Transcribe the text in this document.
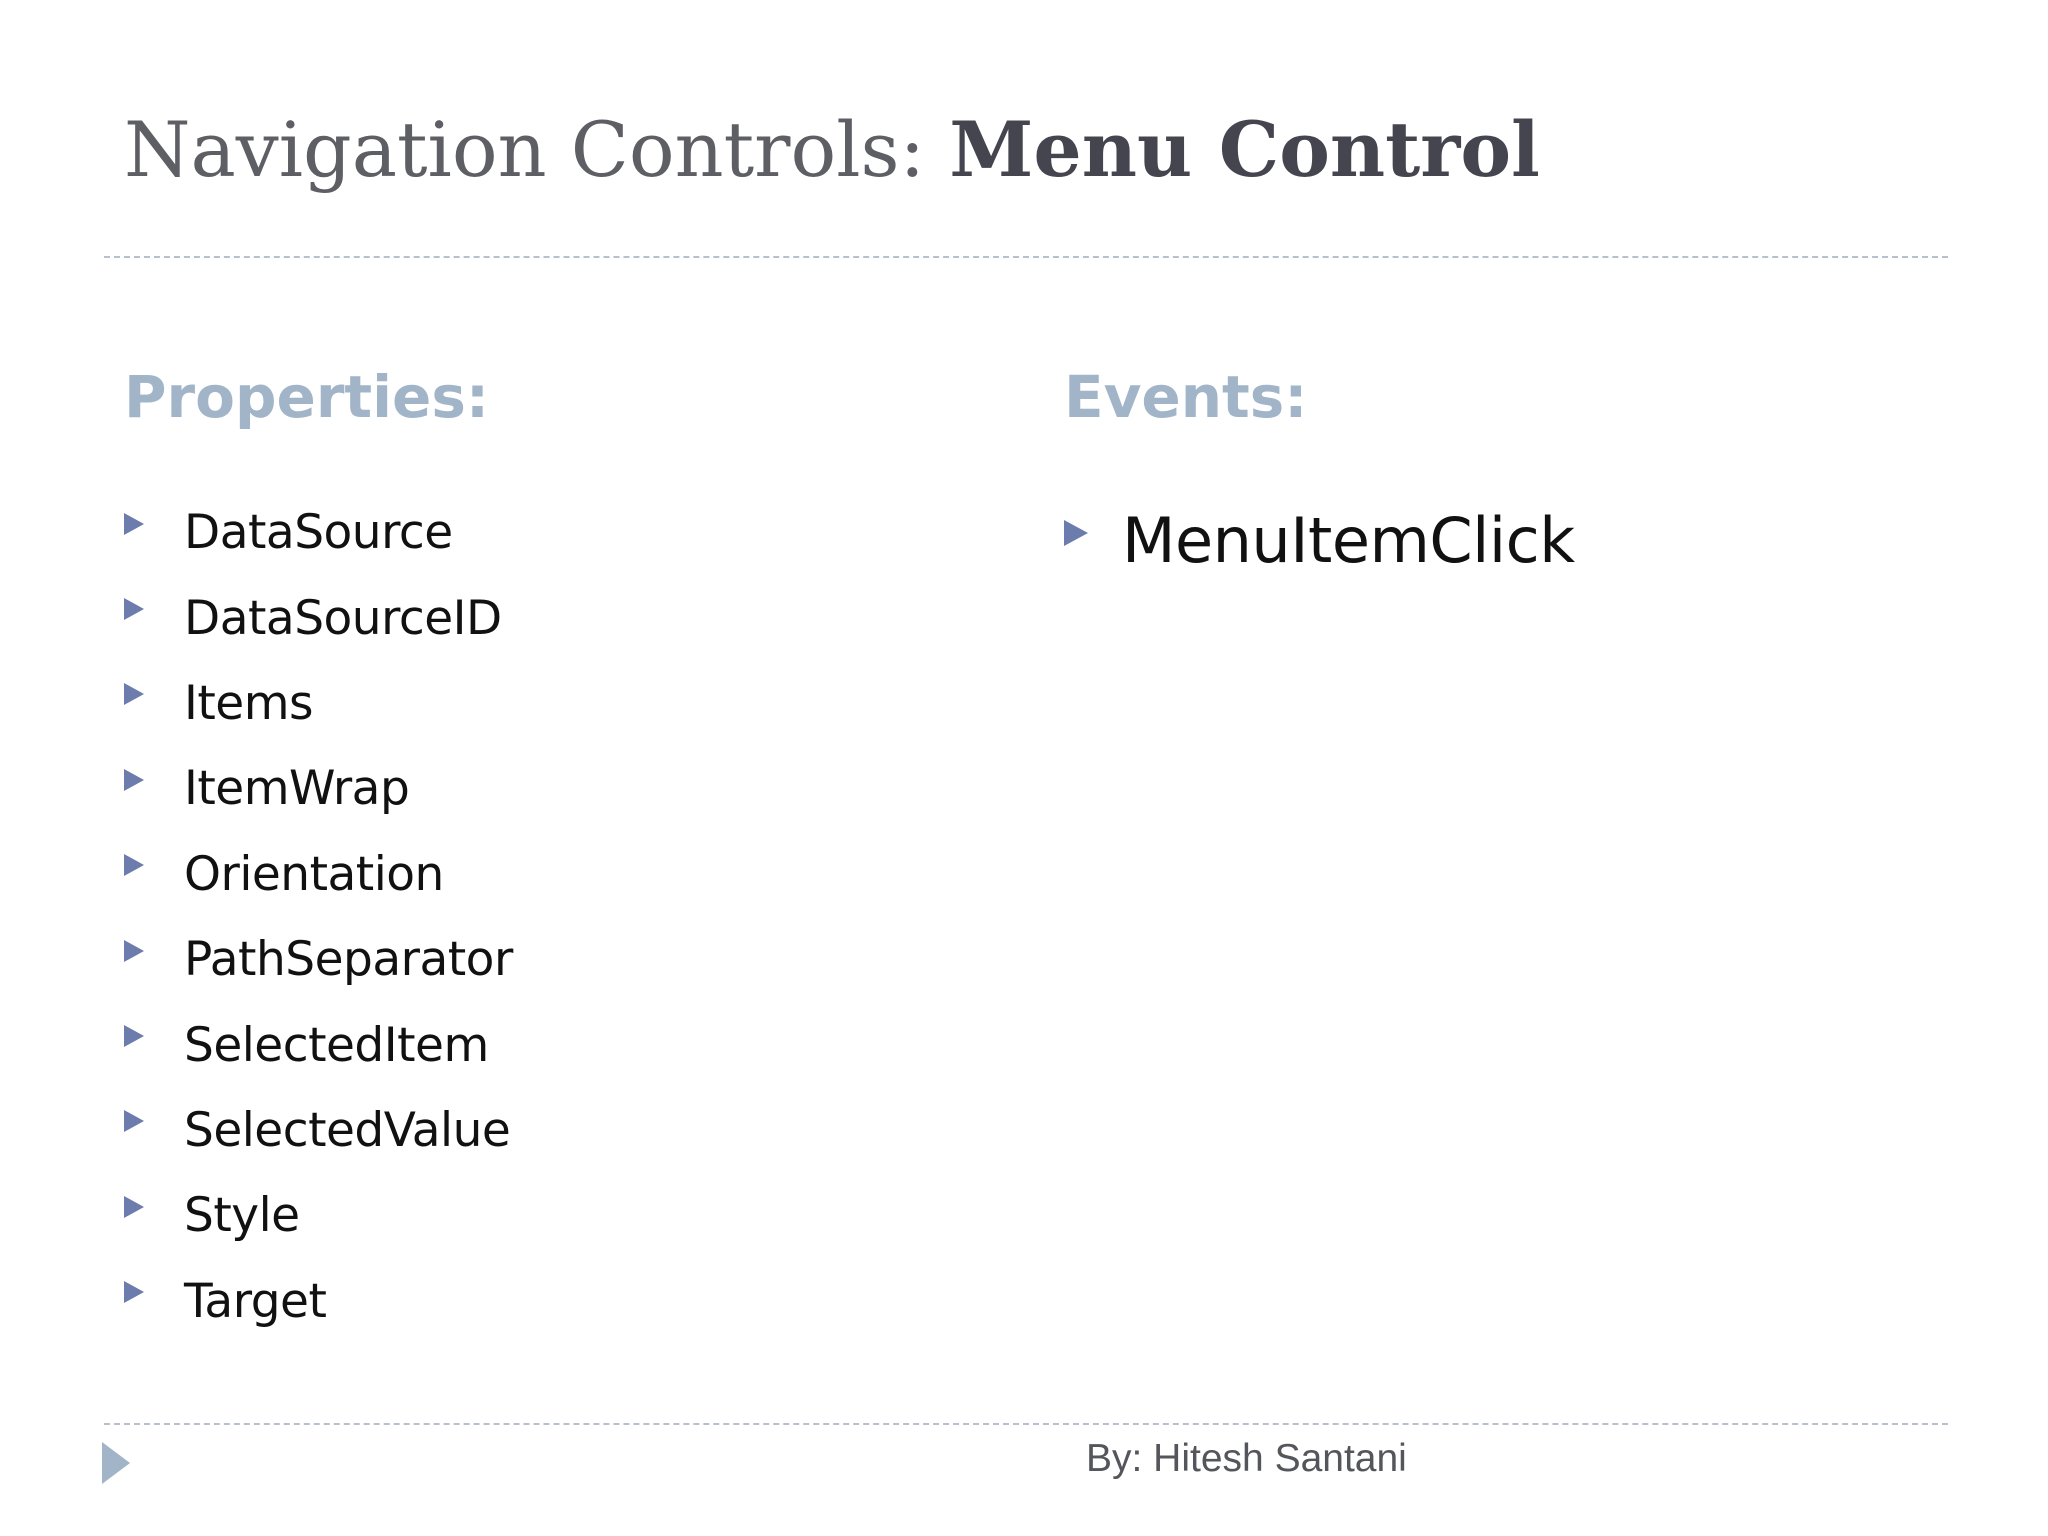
Navigation Controls: Menu Control
Properties:
DataSource
DataSourceID
Items
ItemWrap
Orientation
PathSeparator
SelectedItem
SelectedValue
Style
Target
Events:
MenuItemClick
By: Hitesh Santani
